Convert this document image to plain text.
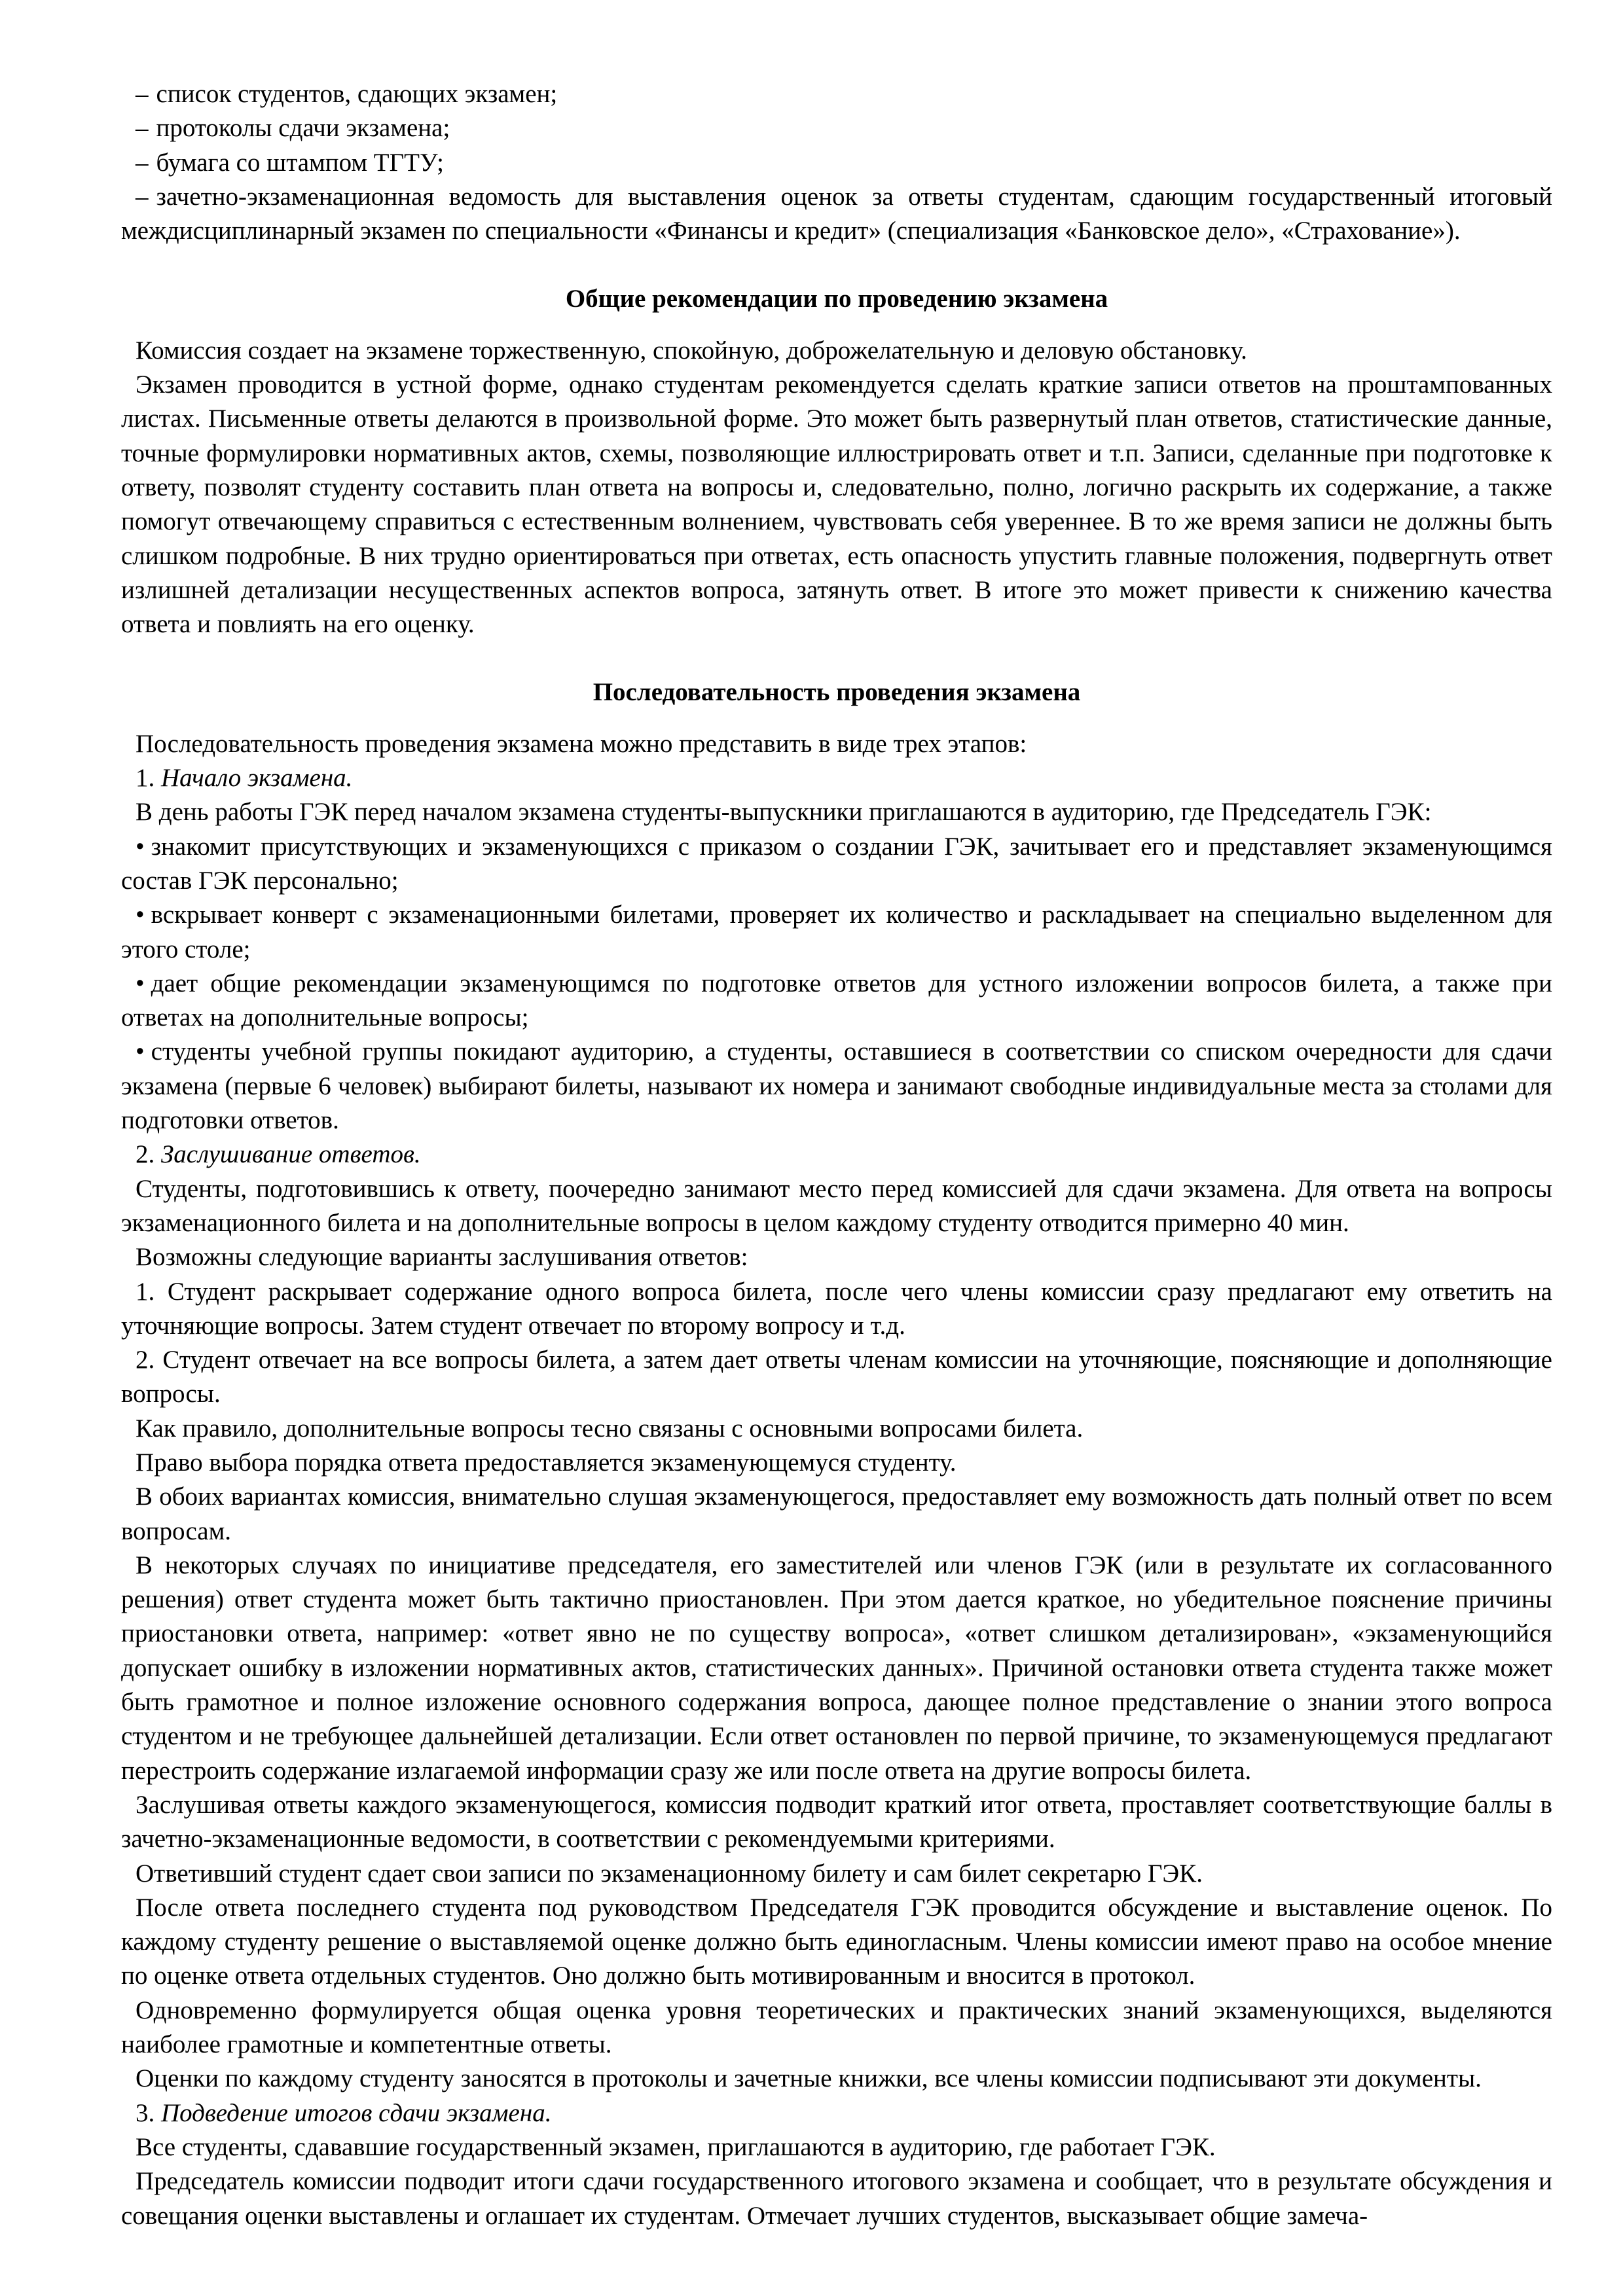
– список студентов, сдающих экзамен;

– протоколы сдачи экзамена;

– бумага со штампом ТГТУ;

– зачетно-экзаменационная ведомость для выставления оценок за ответы студентам, сдающим государственный итоговый междисциплинарный экзамен по специальности «Финансы и кредит» (специализация «Банковское дело», «Страхование»).

Общие рекомендации по проведению экзамена

Комиссия создает на экзамене торжественную, спокойную, доброжелательную и деловую обстановку.

Экзамен проводится в устной форме, однако студентам рекомендуется сделать краткие записи ответов на проштампованных листах. Письменные ответы делаются в произвольной форме. Это может быть развернутый план ответов, статистические данные, точные формулировки нормативных актов, схемы, позволяющие иллюстрировать ответ и т.п. Записи, сделанные при подготовке к ответу, позволят студенту составить план ответа на вопросы и, следовательно, полно, логично раскрыть их содержание, а также помогут отвечающему справиться с естественным волнением, чувствовать себя увереннее. В то же время записи не должны быть слишком подробные. В них трудно ориентироваться при ответах, есть опасность упустить главные положения, подвергнуть ответ излишней детализации несущественных аспектов вопроса, затянуть ответ. В итоге это может привести к снижению качества ответа и повлиять на его оценку.

Последовательность проведения экзамена

Последовательность проведения экзамена можно представить в виде трех этапов:

1. Начало экзамена.

В день работы ГЭК перед началом экзамена студенты-выпускники приглашаются в аудиторию, где Председатель ГЭК:

• знакомит присутствующих и экзаменующихся с приказом о создании ГЭК, зачитывает его и представляет экзаменующимся состав ГЭК персонально;

• вскрывает конверт с экзаменационными билетами, проверяет их количество и раскладывает на специально выделенном для этого столе;

• дает общие рекомендации экзаменующимся по подготовке ответов для устного изложении вопросов билета, а также при ответах на дополнительные вопросы;

• студенты учебной группы покидают аудиторию, а студенты, оставшиеся в соответствии со списком очередности для сдачи экзамена (первые 6 человек) выбирают билеты, называют их номера и занимают свободные индивидуальные места за столами для подготовки ответов.

2. Заслушивание ответов.

Студенты, подготовившись к ответу, поочередно занимают место перед комиссией для сдачи экзамена. Для ответа на вопросы экзаменационного билета и на дополнительные вопросы в целом каждому студенту отводится примерно 40 мин.

Возможны следующие варианты заслушивания ответов:

1. Студент раскрывает содержание одного вопроса билета, после чего члены комиссии сразу предлагают ему ответить на уточняющие вопросы. Затем студент отвечает по второму вопросу и т.д.

2. Студент отвечает на все вопросы билета, а затем дает ответы членам комиссии на уточняющие, поясняющие и дополняющие вопросы.

Как правило, дополнительные вопросы тесно связаны с основными вопросами билета.

Право выбора порядка ответа предоставляется экзаменующемуся студенту.

В обоих вариантах комиссия, внимательно слушая экзаменующегося, предоставляет ему возможность дать полный ответ по всем вопросам.

В некоторых случаях по инициативе председателя, его заместителей или членов ГЭК (или в результате их согласованного решения) ответ студента может быть тактично приостановлен. При этом дается краткое, но убедительное пояснение причины приостановки ответа, например: «ответ явно не по существу вопроса», «ответ слишком детализирован», «экзаменующийся допускает ошибку в изложении нормативных актов, статистических данных». Причиной остановки ответа студента также может быть грамотное и полное изложение основного содержания вопроса, дающее полное представление о знании этого вопроса студентом и не требующее дальнейшей детализации. Если ответ остановлен по первой причине, то экзаменующемуся предлагают перестроить содержание излагаемой информации сразу же или после ответа на другие вопросы билета.

Заслушивая ответы каждого экзаменующегося, комиссия подводит краткий итог ответа, проставляет соответствующие баллы в зачетно-экзаменационные ведомости, в соответствии с рекомендуемыми критериями.

Ответивший студент сдает свои записи по экзаменационному билету и сам билет секретарю ГЭК.

После ответа последнего студента под руководством Председателя ГЭК проводится обсуждение и выставление оценок. По каждому студенту решение о выставляемой оценке должно быть единогласным. Члены комиссии имеют право на особое мнение по оценке ответа отдельных студентов. Оно должно быть мотивированным и вносится в протокол.

Одновременно формулируется общая оценка уровня теоретических и практических знаний экзаменующихся, выделяются наиболее грамотные и компетентные ответы.

Оценки по каждому студенту заносятся в протоколы и зачетные книжки, все члены комиссии подписывают эти документы.

3. Подведение итогов сдачи экзамена.

Все студенты, сдававшие государственный экзамен, приглашаются в аудиторию, где работает ГЭК.

Председатель комиссии подводит итоги сдачи государственного итогового экзамена и сообщает, что в результате обсуждения и совещания оценки выставлены и оглашает их студентам. Отмечает лучших студентов, высказывает общие замеча-
